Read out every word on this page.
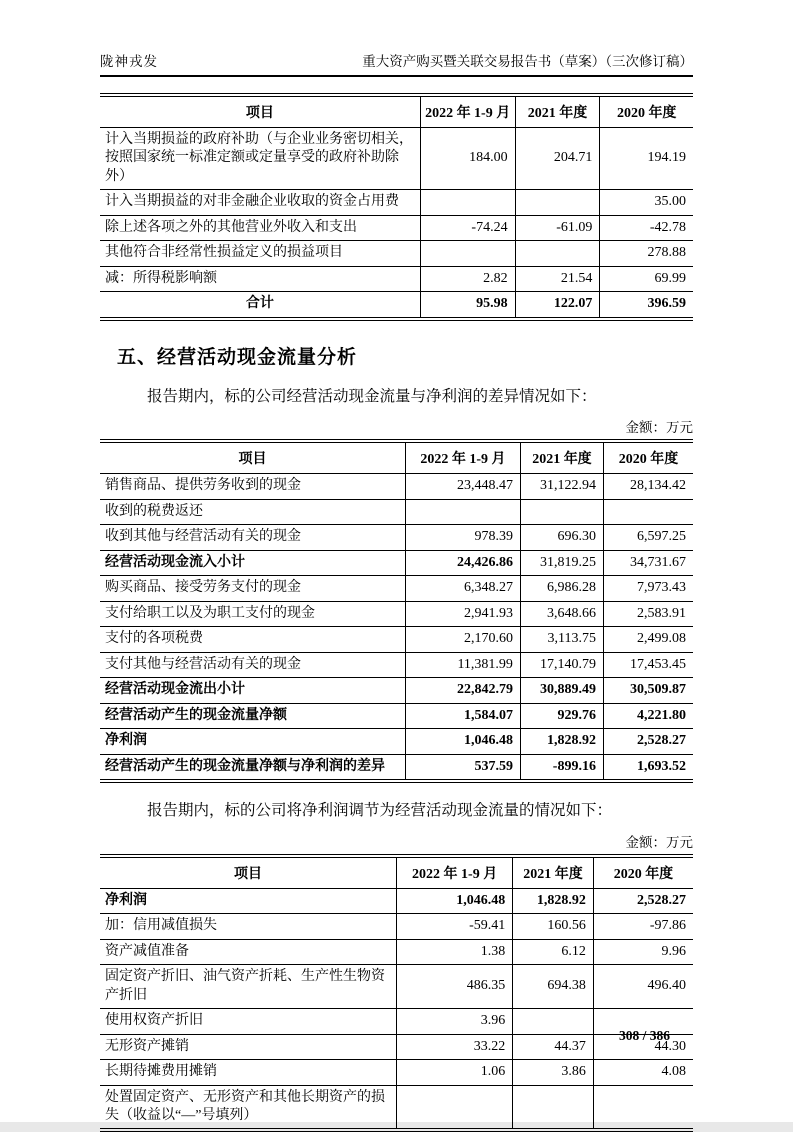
陇神戎发	重大资产购买暨关联交易报告书（草案）（三次修订稿）
项目	2022 年 1-9 月	2021 年度	2020 年度
计入当期损益的政府补助（与企业业务密切相关，按照国家统一标准定额或定量享受的政府补助除外）	184.00	204.71	194.19
计入当期损益的对非金融企业收取的资金占用费			35.00
除上述各项之外的其他营业外收入和支出	-74.24	-61.09	-42.78
其他符合非经常性损益定义的损益项目			278.88
减：所得税影响额	2.82	21.54	69.99
合计	95.98	122.07	396.59
五、经营活动现金流量分析

报告期内，标的公司经营活动现金流量与净利润的差异情况如下：

金额：万元
项目	2022 年 1-9 月	2021 年度	2020 年度
销售商品、提供劳务收到的现金	23,448.47	31,122.94	28,134.42
收到的税费返还			
收到其他与经营活动有关的现金	978.39	696.30	6,597.25
经营活动现金流入小计	24,426.86	31,819.25	34,731.67
购买商品、接受劳务支付的现金	6,348.27	6,986.28	7,973.43
支付给职工以及为职工支付的现金	2,941.93	3,648.66	2,583.91
支付的各项税费	2,170.60	3,113.75	2,499.08
支付其他与经营活动有关的现金	11,381.99	17,140.79	17,453.45
经营活动现金流出小计	22,842.79	30,889.49	30,509.87
经营活动产生的现金流量净额	1,584.07	929.76	4,221.80
净利润	1,046.48	1,828.92	2,528.27
经营活动产生的现金流量净额与净利润的差异	537.59	-899.16	1,693.52

报告期内，标的公司将净利润调节为经营活动现金流量的情况如下：

金额：万元
项目	2022 年 1-9 月	2021 年度	2020 年度
净利润	1,046.48	1,828.92	2,528.27
加：信用减值损失	-59.41	160.56	-97.86
资产减值准备	1.38	6.12	9.96
固定资产折旧、油气资产折耗、生产性生物资产折旧	486.35	694.38	496.40
使用权资产折旧	3.96		
无形资产摊销	33.22	44.37	44.30
长期待摊费用摊销	1.06	3.86	4.08
处置固定资产、无形资产和其他长期资产的损失（收益以“—”号填列）			
308 / 386
